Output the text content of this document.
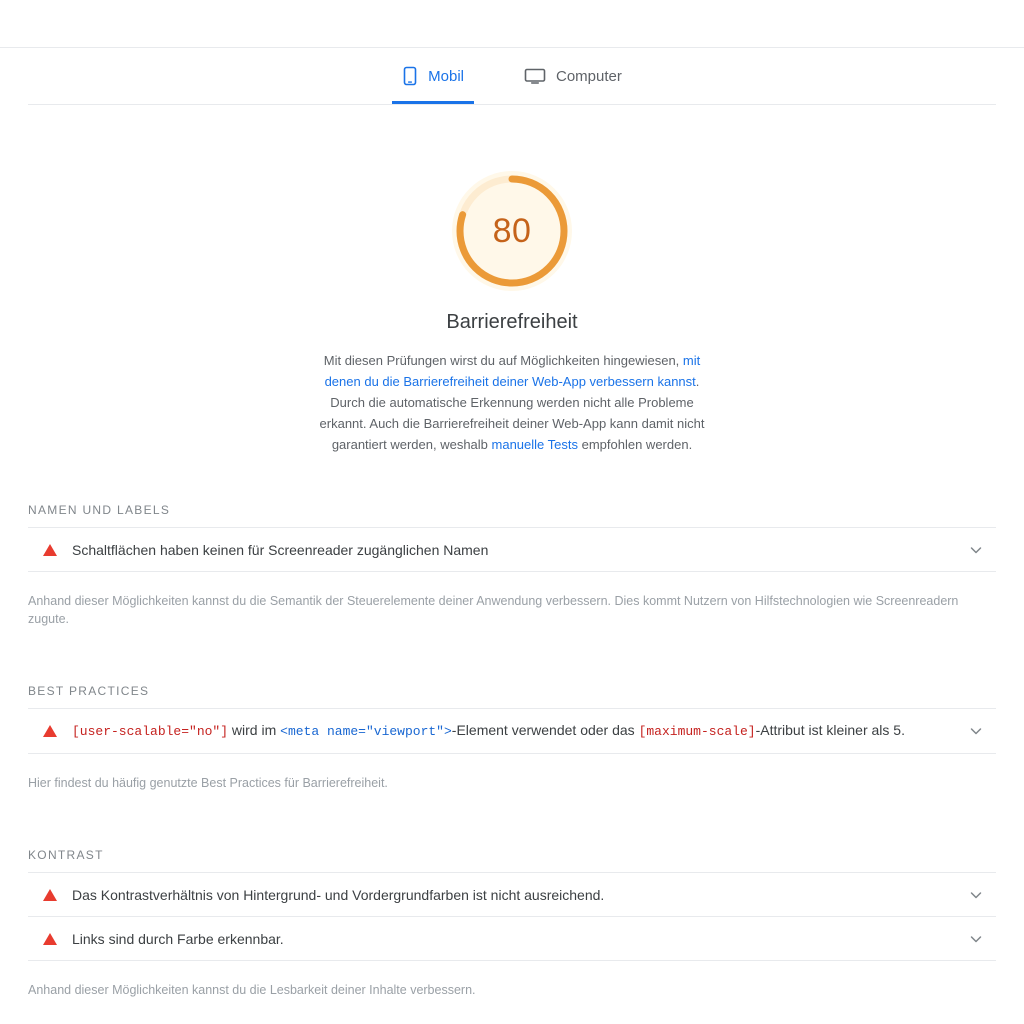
Mobil	Computer
80
Barrierefreiheit
Mit diesen Prüfungen wirst du auf Möglichkeiten hingewiesen, mit denen du die Barrierefreiheit deiner Web-App verbessern kannst. Durch die automatische Erkennung werden nicht alle Probleme erkannt. Auch die Barrierefreiheit deiner Web-App kann damit nicht garantiert werden, weshalb manuelle Tests empfohlen werden.
NAMEN UND LABELS
Schaltflächen haben keinen für Screenreader zugänglichen Namen
Anhand dieser Möglichkeiten kannst du die Semantik der Steuerelemente deiner Anwendung verbessern. Dies kommt Nutzern von Hilfstechnologien wie Screenreadern zugute.
BEST PRACTICES
[user-scalable="no"] wird im <meta name="viewport">-Element verwendet oder das [maximum-scale]-Attribut ist kleiner als 5.
Hier findest du häufig genutzte Best Practices für Barrierefreiheit.
KONTRAST
Das Kontrastverhältnis von Hintergrund- und Vordergrundfarben ist nicht ausreichend.
Links sind durch Farbe erkennbar.
Anhand dieser Möglichkeiten kannst du die Lesbarkeit deiner Inhalte verbessern.
